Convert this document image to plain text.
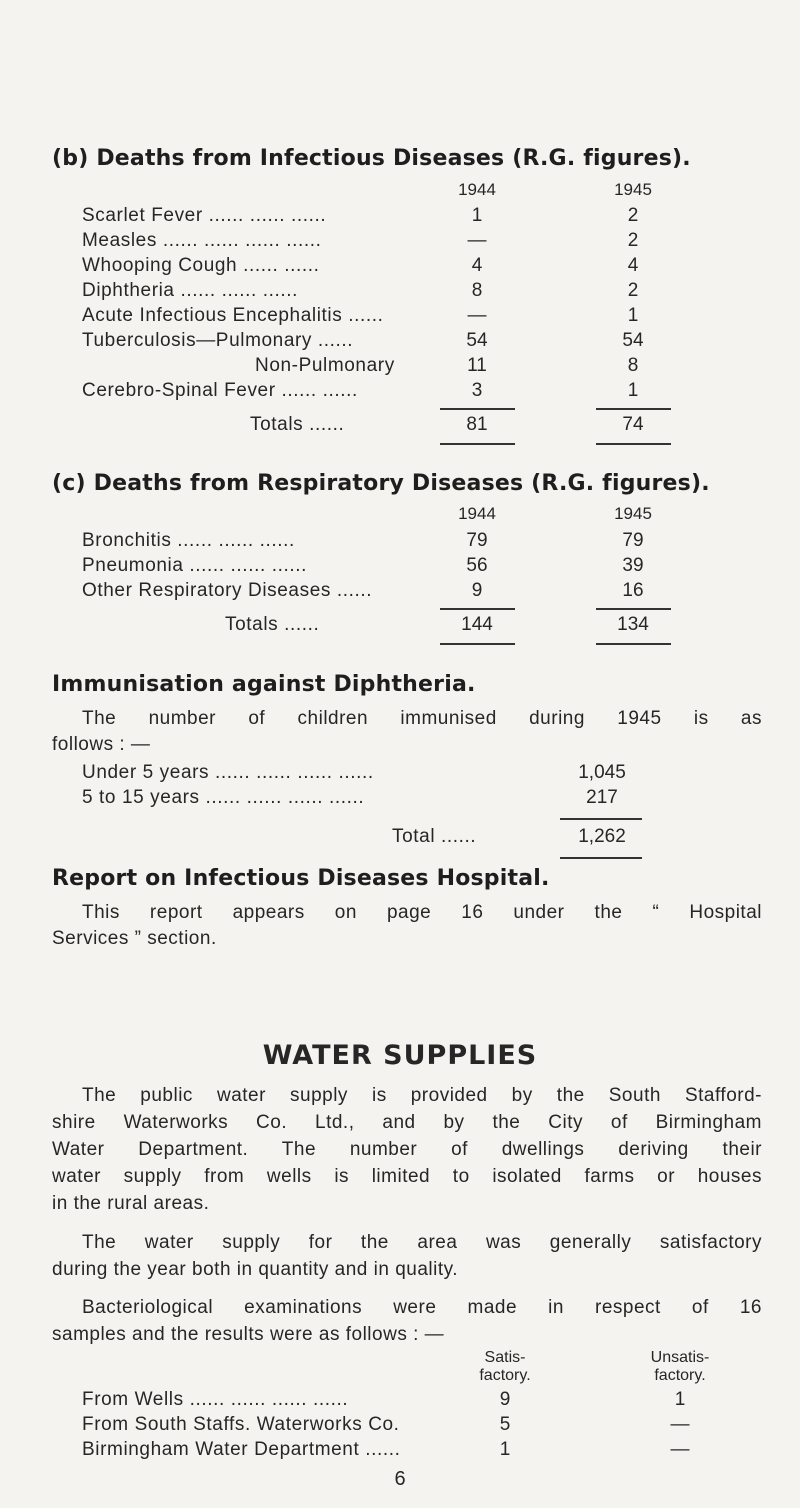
(b) Deaths from Infectious Diseases (R.G. figures).
1944	1945
Scarlet Fever ...... ...... ......	1	2
Measles ...... ...... ...... ......	—	2
Whooping Cough ...... ......	4	4
Diphtheria ...... ...... ......	8	2
Acute Infectious Encephalitis ......	—	1
Tuberculosis—Pulmonary ......	54	54
Non-Pulmonary	11	8
Cerebro-Spinal Fever ...... ......	3	1
Totals ......	81	74
(c) Deaths from Respiratory Diseases (R.G. figures).
1944	1945
Bronchitis ...... ...... ......	79	79
Pneumonia ...... ...... ......	56	39
Other Respiratory Diseases ......	9	16
Totals ......	144	134
Immunisation against Diphtheria.
The number of children immunised during 1945 is as
follows : —
Under 5 years ...... ...... ...... ......	1,045
5 to 15 years ...... ...... ...... ......	217
Total ......	1,262
Report on Infectious Diseases Hospital.
This report appears on page 16 under the “ Hospital
Services ” section.
WATER SUPPLIES
The public water supply is provided by the South Stafford-
shire Waterworks Co. Ltd., and by the City of Birmingham
Water Department. The number of dwellings deriving their
water supply from wells is limited to isolated farms or houses
in the rural areas.
The water supply for the area was generally satisfactory
during the year both in quantity and in quality.
Bacteriological examinations were made in respect of 16
samples and the results were as follows : —
Satis-
factory.
Unsatis-
factory.
From Wells ...... ...... ...... ......	9	1
From South Staffs. Waterworks Co.	5	—
Birmingham Water Department ......	1	—
6
